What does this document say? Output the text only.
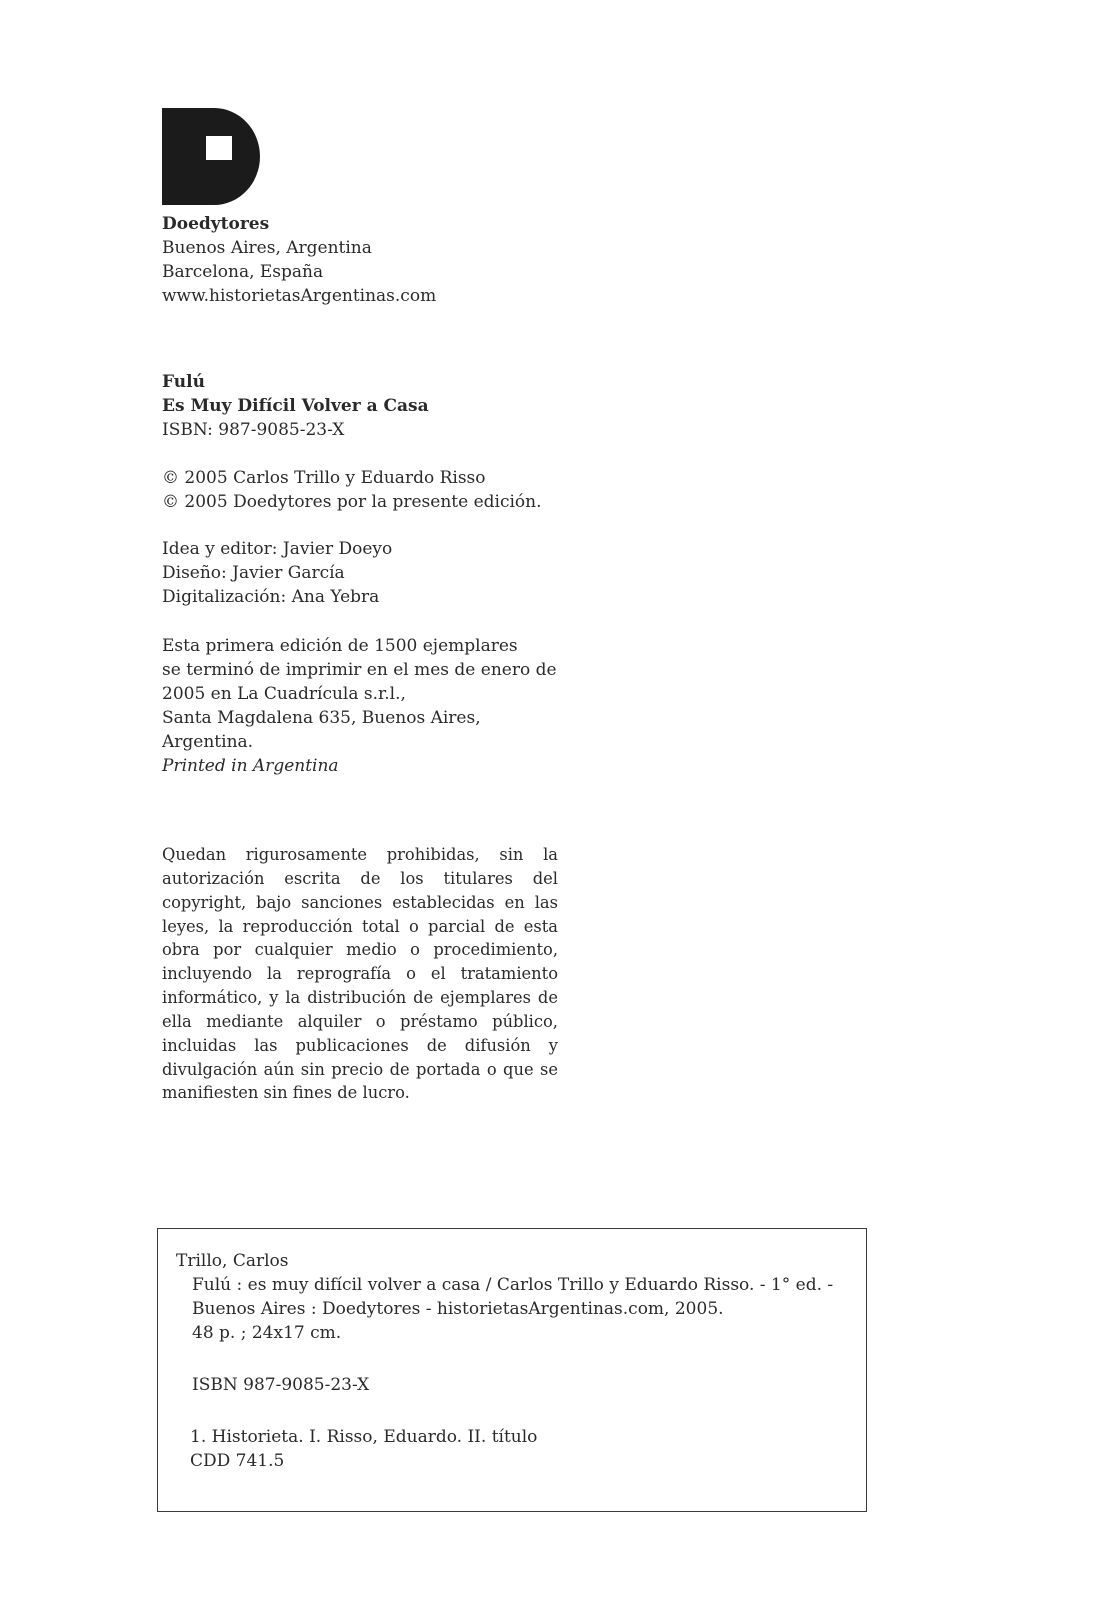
Doedytores
Buenos Aires, Argentina
Barcelona, España
www.historietasArgentinas.com
Fulú
Es Muy Difícil Volver a Casa
ISBN: 987-9085-23-X
© 2005 Carlos Trillo y Eduardo Risso
© 2005 Doedytores por la presente edición.
Idea y editor: Javier Doeyo
Diseño: Javier García
Digitalización: Ana Yebra
Esta primera edición de 1500 ejemplares
se terminó de imprimir en el mes de enero de
2005 en La Cuadrícula s.r.l.,
Santa Magdalena 635, Buenos Aires,
Argentina.
Printed in Argentina
Quedan rigurosamente prohibidas, sin la autorización escrita de los titulares del copyright, bajo sanciones establecidas en las leyes, la reproducción total o parcial de esta obra por cualquier medio o procedimiento, incluyendo la reprografía o el tratamiento informático, y la distribución de ejemplares de ella mediante alquiler o préstamo público, incluidas las publicaciones de difusión y divulgación aún sin precio de portada o que se manifiesten sin fines de lucro.
Trillo, Carlos
Fulú : es muy difícil volver a casa / Carlos Trillo y Eduardo Risso. - 1° ed. -
Buenos Aires : Doedytores - historietasArgentinas.com, 2005.
48 p. ; 24x17 cm.
ISBN 987-9085-23-X
1. Historieta. I. Risso, Eduardo. II. título
CDD 741.5
